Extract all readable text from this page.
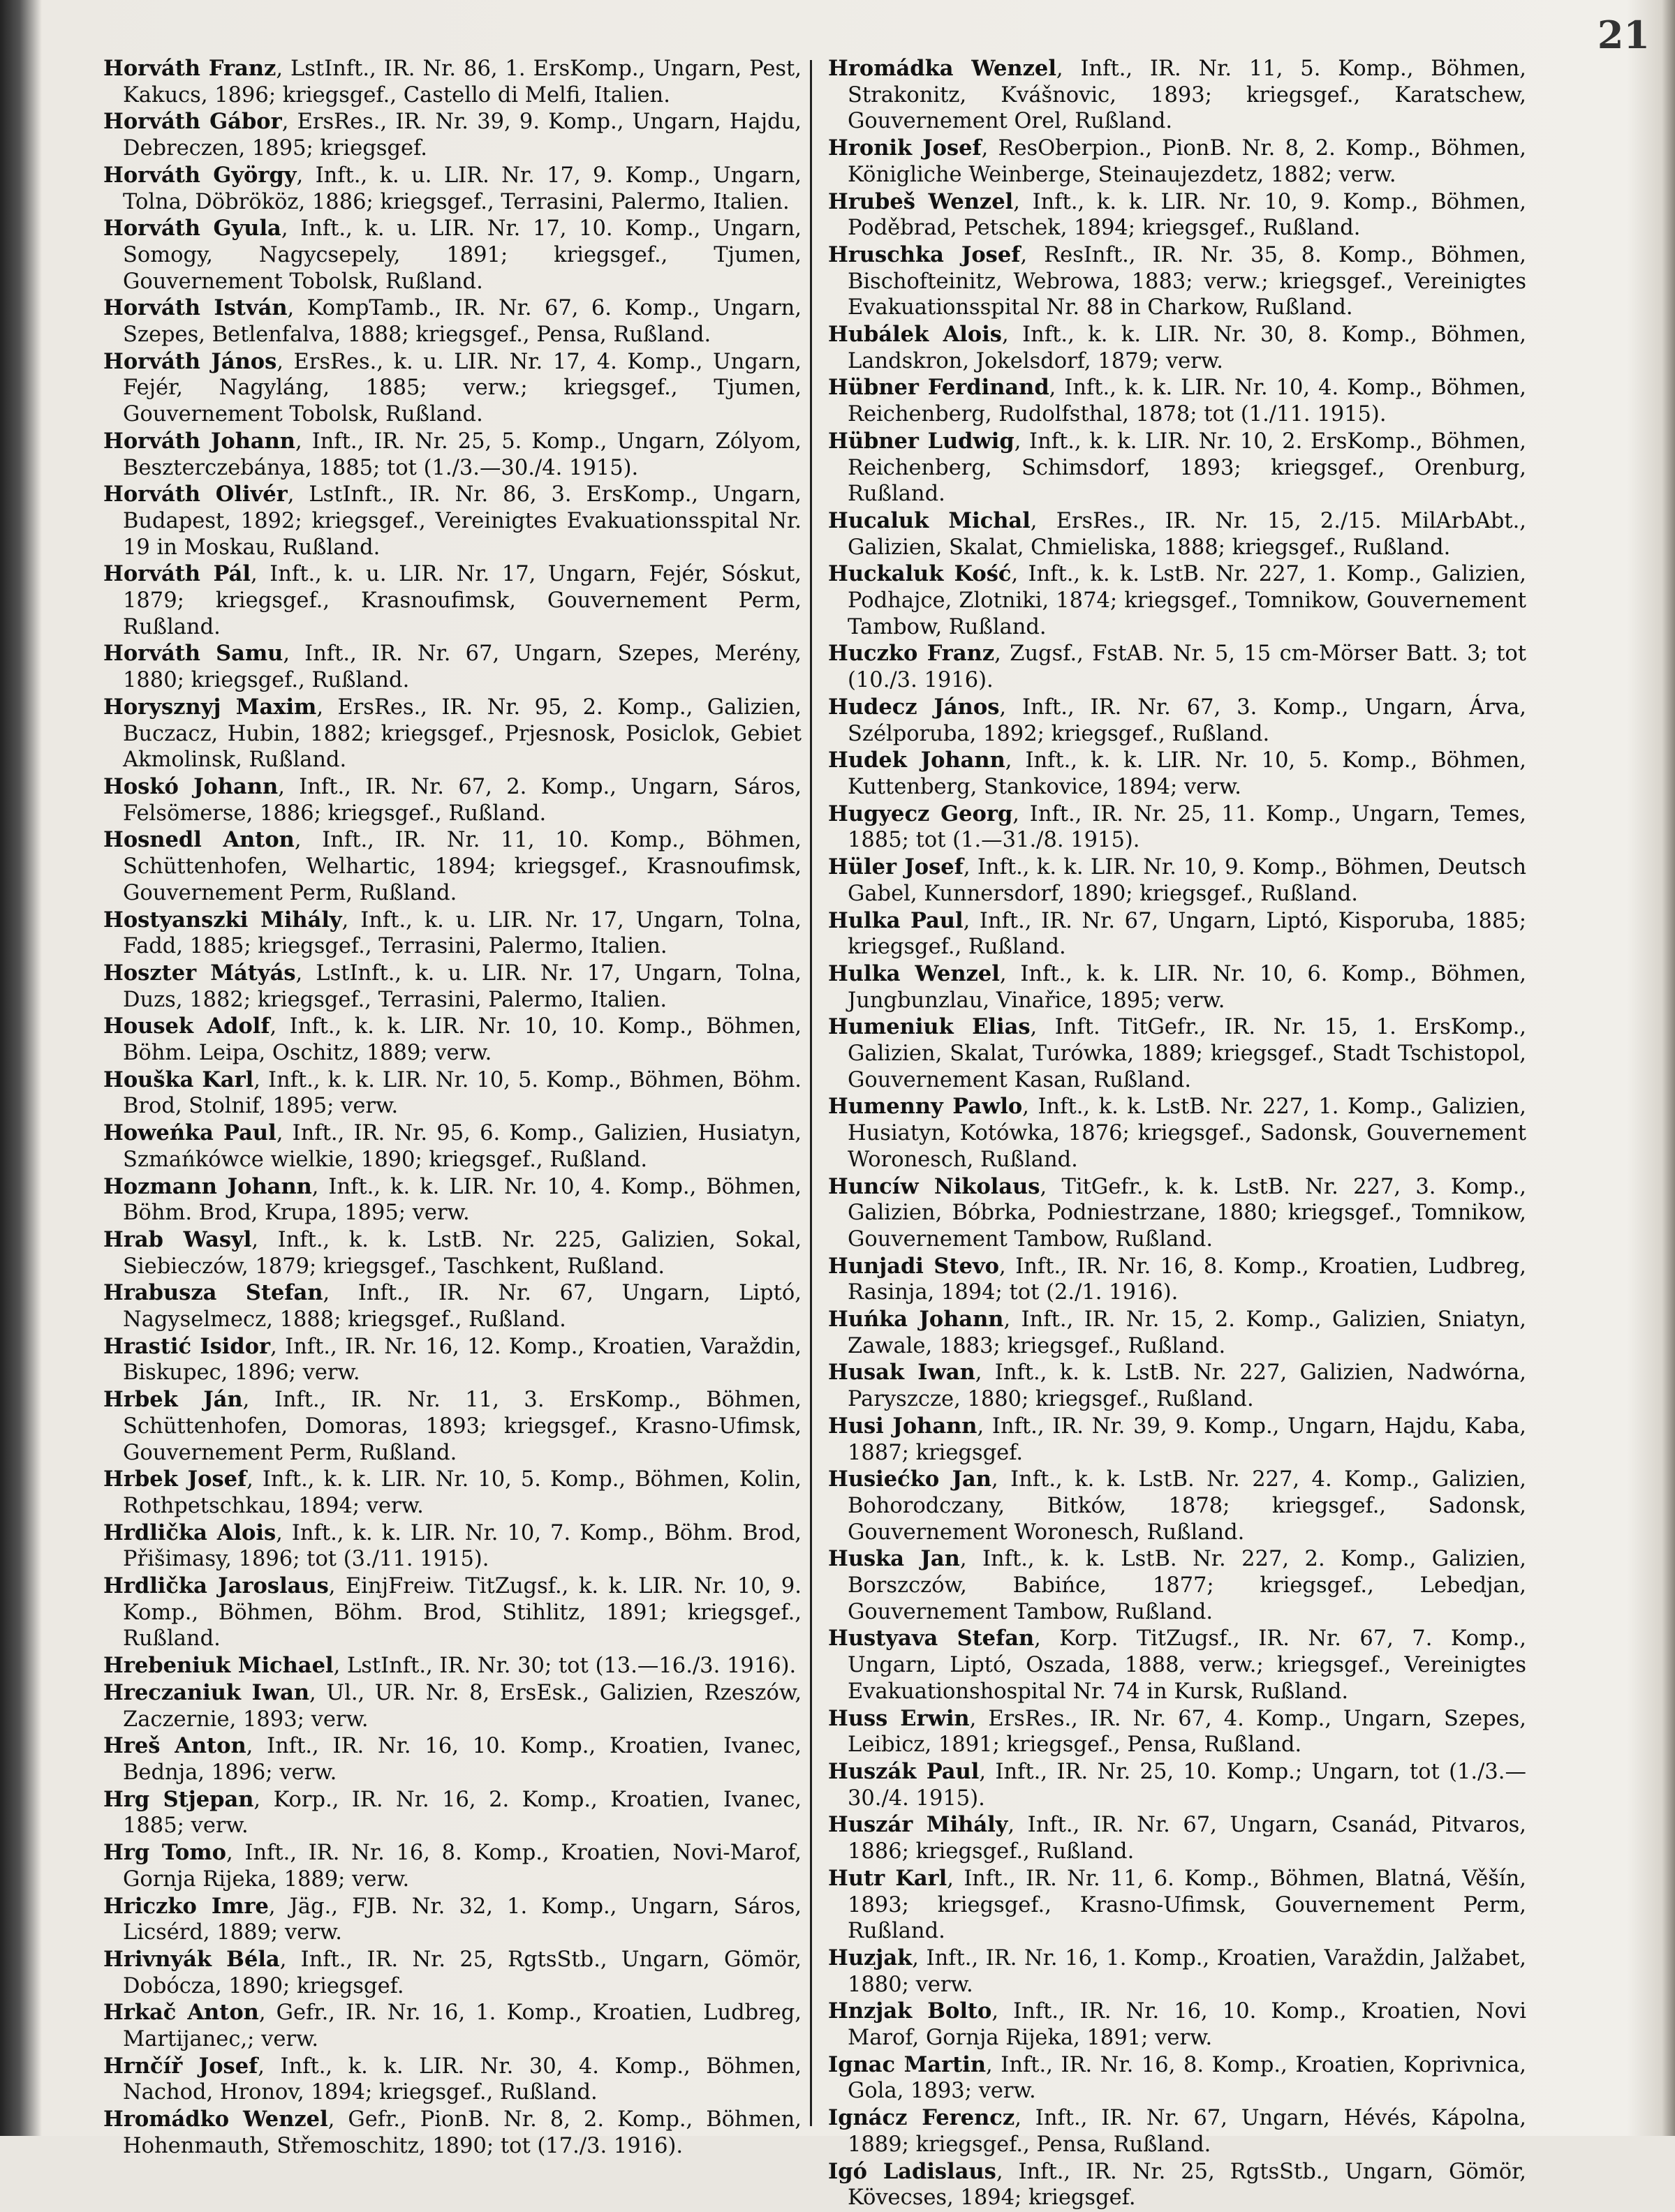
21

Horváth Franz, LstInft., IR. Nr. 86, 1. ErsKomp., Ungarn, Pest, Kakucs, 1896; kriegsgef., Castello di Melfi, Italien.

Horváth Gábor, ErsRes., IR. Nr. 39, 9. Komp., Ungarn, Hajdu, Debreczen, 1895; kriegsgef.

Horváth György, Inft., k. u. LIR. Nr. 17, 9. Komp., Ungarn, Tolna, Döbrököz, 1886; kriegsgef., Terrasini, Palermo, Italien.

Horváth Gyula, Inft., k. u. LIR. Nr. 17, 10. Komp., Ungarn, Somogy, Nagycsepely, 1891; kriegsgef., Tjumen, Gouvernement Tobolsk, Rußland.

Horváth István, KompTamb., IR. Nr. 67, 6. Komp., Ungarn, Szepes, Betlenfalva, 1888; kriegsgef., Pensa, Rußland.

Horváth János, ErsRes., k. u. LIR. Nr. 17, 4. Komp., Ungarn, Fejér, Nagyláng, 1885; verw.; kriegsgef., Tjumen, Gouvernement Tobolsk, Rußland.

Horváth Johann, Inft., IR. Nr. 25, 5. Komp., Ungarn, Zólyom, Beszterczebánya, 1885; tot (1./3.—30./4. 1915).

Horváth Olivér, LstInft., IR. Nr. 86, 3. ErsKomp., Ungarn, Budapest, 1892; kriegsgef., Vereinigtes Evakuationsspital Nr. 19 in Moskau, Rußland.

Horváth Pál, Inft., k. u. LIR. Nr. 17, Ungarn, Fejér, Sóskut, 1879; kriegsgef., Krasnoufimsk, Gouvernement Perm, Rußland.

Horváth Samu, Inft., IR. Nr. 67, Ungarn, Szepes, Merény, 1880; kriegsgef., Rußland.

Horysznyj Maxim, ErsRes., IR. Nr. 95, 2. Komp., Galizien, Buczacz, Hubin, 1882; kriegsgef., Prjesnosk, Posiclok, Gebiet Akmolinsk, Rußland.

Hoskó Johann, Inft., IR. Nr. 67, 2. Komp., Ungarn, Sáros, Felsömerse, 1886; kriegsgef., Rußland.

Hosnedl Anton, Inft., IR. Nr. 11, 10. Komp., Böhmen, Schüttenhofen, Welhartic, 1894; kriegsgef., Krasnoufimsk, Gouvernement Perm, Rußland.

Hostyanszki Mihály, Inft., k. u. LIR. Nr. 17, Ungarn, Tolna, Fadd, 1885; kriegsgef., Terrasini, Palermo, Italien.

Hoszter Mátyás, LstInft., k. u. LIR. Nr. 17, Ungarn, Tolna, Duzs, 1882; kriegsgef., Terrasini, Palermo, Italien.

Housek Adolf, Inft., k. k. LIR. Nr. 10, 10. Komp., Böhmen, Böhm. Leipa, Oschitz, 1889; verw.

Houška Karl, Inft., k. k. LIR. Nr. 10, 5. Komp., Böhmen, Böhm. Brod, Stolnif, 1895; verw.

Howeńka Paul, Inft., IR. Nr. 95, 6. Komp., Galizien, Husiatyn, Szmańkówce wielkie, 1890; kriegsgef., Rußland.

Hozmann Johann, Inft., k. k. LIR. Nr. 10, 4. Komp., Böhmen, Böhm. Brod, Krupa, 1895; verw.

Hrab Wasyl, Inft., k. k. LstB. Nr. 225, Galizien, Sokal, Siebieczów, 1879; kriegsgef., Taschkent, Rußland.

Hrabusza Stefan, Inft., IR. Nr. 67, Ungarn, Liptó, Nagyselmecz, 1888; kriegsgef., Rußland.

Hrastić Isidor, Inft., IR. Nr. 16, 12. Komp., Kroatien, Varaždin, Biskupec, 1896; verw.

Hrbek Ján, Inft., IR. Nr. 11, 3. ErsKomp., Böhmen, Schüttenhofen, Domoras, 1893; kriegsgef., Krasno-Ufimsk, Gouvernement Perm, Rußland.

Hrbek Josef, Inft., k. k. LIR. Nr. 10, 5. Komp., Böhmen, Kolin, Rothpetschkau, 1894; verw.

Hrdlička Alois, Inft., k. k. LIR. Nr. 10, 7. Komp., Böhm. Brod, Přišimasy, 1896; tot (3./11. 1915).

Hrdlička Jaroslaus, EinjFreiw. TitZugsf., k. k. LIR. Nr. 10, 9. Komp., Böhmen, Böhm. Brod, Stihlitz, 1891; kriegsgef., Rußland.

Hrebeniuk Michael, LstInft., IR. Nr. 30; tot (13.—16./3. 1916).

Hreczaniuk Iwan, Ul., UR. Nr. 8, ErsEsk., Galizien, Rzeszów, Zaczernie, 1893; verw.

Hreš Anton, Inft., IR. Nr. 16, 10. Komp., Kroatien, Ivanec, Bednja, 1896; verw.

Hrg Stjepan, Korp., IR. Nr. 16, 2. Komp., Kroatien, Ivanec, 1885; verw.

Hrg Tomo, Inft., IR. Nr. 16, 8. Komp., Kroatien, Novi-Marof, Gornja Rijeka, 1889; verw.

Hriczko Imre, Jäg., FJB. Nr. 32, 1. Komp., Ungarn, Sáros, Licsérd, 1889; verw.

Hrivnyák Béla, Inft., IR. Nr. 25, RgtsStb., Ungarn, Gömör, Dobócza, 1890; kriegsgef.

Hrkač Anton, Gefr., IR. Nr. 16, 1. Komp., Kroatien, Ludbreg, Martijanec,; verw.

Hrnčíř Josef, Inft., k. k. LIR. Nr. 30, 4. Komp., Böhmen, Nachod, Hronov, 1894; kriegsgef., Rußland.

Hromádko Wenzel, Gefr., PionB. Nr. 8, 2. Komp., Böhmen, Hohenmauth, Střemoschitz, 1890; tot (17./3. 1916).

Hromádka Wenzel, Inft., IR. Nr. 11, 5. Komp., Böhmen, Strakonitz, Kvášnovic, 1893; kriegsgef., Karatschew, Gouvernement Orel, Rußland.

Hronik Josef, ResOberpion., PionB. Nr. 8, 2. Komp., Böhmen, Königliche Weinberge, Steinaujezdetz, 1882; verw.

Hrubeš Wenzel, Inft., k. k. LIR. Nr. 10, 9. Komp., Böhmen, Poděbrad, Petschek, 1894; kriegsgef., Rußland.

Hruschka Josef, ResInft., IR. Nr. 35, 8. Komp., Böhmen, Bischofteinitz, Webrowa, 1883; verw.; kriegsgef., Vereinigtes Evakuationsspital Nr. 88 in Charkow, Rußland.

Hubálek Alois, Inft., k. k. LIR. Nr. 30, 8. Komp., Böhmen, Landskron, Jokelsdorf, 1879; verw.

Hübner Ferdinand, Inft., k. k. LIR. Nr. 10, 4. Komp., Böhmen, Reichenberg, Rudolfsthal, 1878; tot (1./11. 1915).

Hübner Ludwig, Inft., k. k. LIR. Nr. 10, 2. ErsKomp., Böhmen, Reichenberg, Schimsdorf, 1893; kriegsgef., Orenburg, Rußland.

Hucaluk Michal, ErsRes., IR. Nr. 15, 2./15. MilArbAbt., Galizien, Skalat, Chmieliska, 1888; kriegsgef., Rußland.

Huckaluk Kość, Inft., k. k. LstB. Nr. 227, 1. Komp., Galizien, Podhajce, Zlotniki, 1874; kriegsgef., Tomnikow, Gouvernement Tambow, Rußland.

Huczko Franz, Zugsf., FstAB. Nr. 5, 15 cm-Mörser Batt. 3; tot (10./3. 1916).

Hudecz János, Inft., IR. Nr. 67, 3. Komp., Ungarn, Árva, Szélporuba, 1892; kriegsgef., Rußland.

Hudek Johann, Inft., k. k. LIR. Nr. 10, 5. Komp., Böhmen, Kuttenberg, Stankovice, 1894; verw.

Hugyecz Georg, Inft., IR. Nr. 25, 11. Komp., Ungarn, Temes, 1885; tot (1.—31./8. 1915).

Hüler Josef, Inft., k. k. LIR. Nr. 10, 9. Komp., Böhmen, Deutsch Gabel, Kunnersdorf, 1890; kriegsgef., Rußland.

Hulka Paul, Inft., IR. Nr. 67, Ungarn, Liptó, Kisporuba, 1885; kriegsgef., Rußland.

Hulka Wenzel, Inft., k. k. LIR. Nr. 10, 6. Komp., Böhmen, Jungbunzlau, Vinařice, 1895; verw.

Humeniuk Elias, Inft. TitGefr., IR. Nr. 15, 1. ErsKomp., Galizien, Skalat, Turówka, 1889; kriegsgef., Stadt Tschistopol, Gouvernement Kasan, Rußland.

Humenny Pawlo, Inft., k. k. LstB. Nr. 227, 1. Komp., Galizien, Husiatyn, Kotówka, 1876; kriegsgef., Sadonsk, Gouvernement Woronesch, Rußland.

Huncíw Nikolaus, TitGefr., k. k. LstB. Nr. 227, 3. Komp., Galizien, Bóbrka, Podniestrzane, 1880; kriegsgef., Tomnikow, Gouvernement Tambow, Rußland.

Hunjadi Stevo, Inft., IR. Nr. 16, 8. Komp., Kroatien, Ludbreg, Rasinja, 1894; tot (2./1. 1916).

Huńka Johann, Inft., IR. Nr. 15, 2. Komp., Galizien, Sniatyn, Zawale, 1883; kriegsgef., Rußland.

Husak Iwan, Inft., k. k. LstB. Nr. 227, Galizien, Nadwórna, Paryszcze, 1880; kriegsgef., Rußland.

Husi Johann, Inft., IR. Nr. 39, 9. Komp., Ungarn, Hajdu, Kaba, 1887; kriegsgef.

Husiećko Jan, Inft., k. k. LstB. Nr. 227, 4. Komp., Galizien, Bohorodczany, Bitków, 1878; kriegsgef., Sadonsk, Gouvernement Woronesch, Rußland.

Huska Jan, Inft., k. k. LstB. Nr. 227, 2. Komp., Galizien, Borszczów, Babińce, 1877; kriegsgef., Lebedjan, Gouvernement Tambow, Rußland.

Hustyava Stefan, Korp. TitZugsf., IR. Nr. 67, 7. Komp., Ungarn, Liptó, Oszada, 1888, verw.; kriegsgef., Vereinigtes Evakuationshospital Nr. 74 in Kursk, Rußland.

Huss Erwin, ErsRes., IR. Nr. 67, 4. Komp., Ungarn, Szepes, Leibicz, 1891; kriegsgef., Pensa, Rußland.

Huszák Paul, Inft., IR. Nr. 25, 10. Komp.; Ungarn, tot (1./3.—30./4. 1915).

Huszár Mihály, Inft., IR. Nr. 67, Ungarn, Csanád, Pitvaros, 1886; kriegsgef., Rußland.

Hutr Karl, Inft., IR. Nr. 11, 6. Komp., Böhmen, Blatná, Věšín, 1893; kriegsgef., Krasno-Ufimsk, Gouvernement Perm, Rußland.

Huzjak, Inft., IR. Nr. 16, 1. Komp., Kroatien, Varaždin, Jalžabet, 1880; verw.

Hnzjak Bolto, Inft., IR. Nr. 16, 10. Komp., Kroatien, Novi Marof, Gornja Rijeka, 1891; verw.

Ignac Martin, Inft., IR. Nr. 16, 8. Komp., Kroatien, Koprivnica, Gola, 1893; verw.

Ignácz Ferencz, Inft., IR. Nr. 67, Ungarn, Hévés, Kápolna, 1889; kriegsgef., Pensa, Rußland.

Igó Ladislaus, Inft., IR. Nr. 25, RgtsStb., Ungarn, Gömör, Kövecses, 1894; kriegsgef.
